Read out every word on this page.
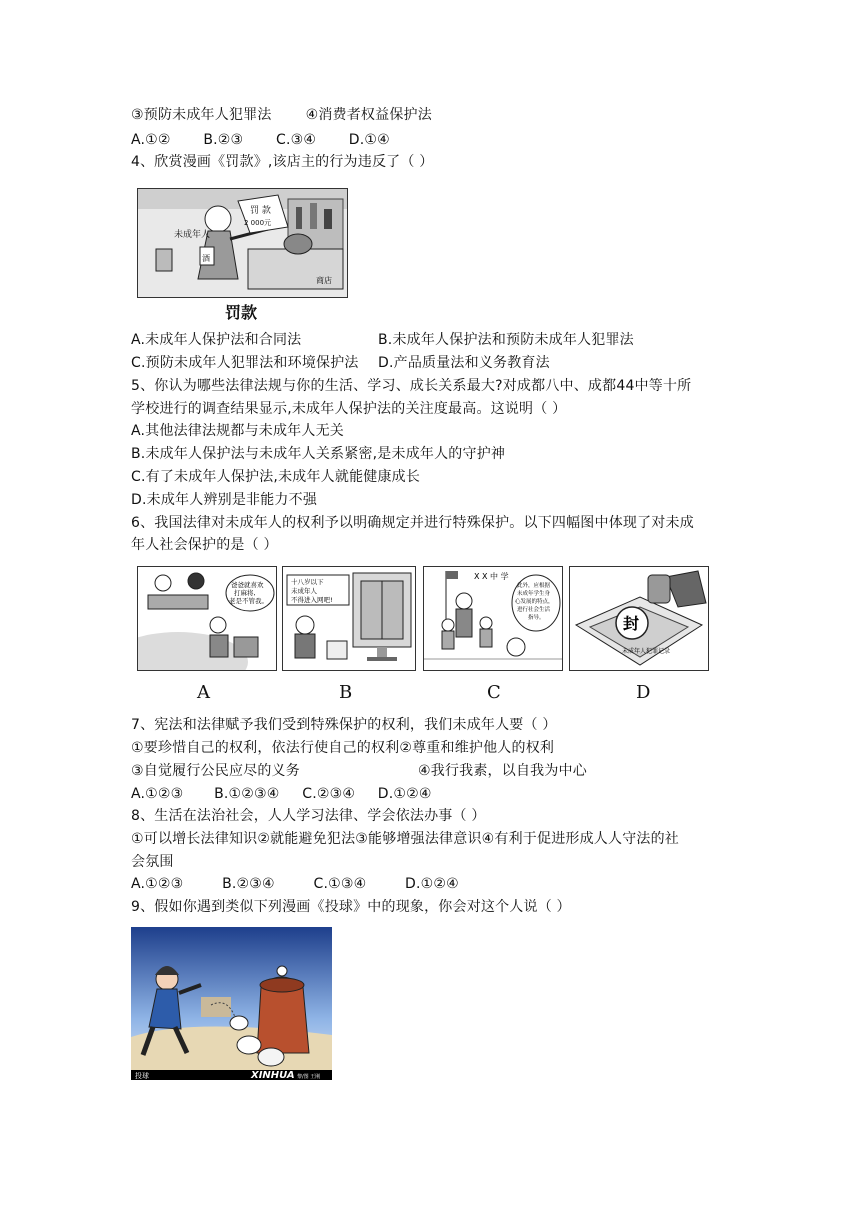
③预防未成年人犯罪法 ④消费者权益保护法
A.①② B.②③ C.③④ D.①④
4、欣赏漫画《罚款》,该店主的行为违反了（ ）
未成年人
罚 款
2 000元
酒
商店
罚款
A.未成年人保护法和合同法	B.未成年人保护法和预防未成年人犯罪法
C.预防未成年人犯罪法和环境保护法 D.产品质量法和义务教育法
5、你认为哪些法律法规与你的生活、学习、成长关系最大?对成都八中、成都44中等十所
学校进行的调查结果显示,未成年人保护法的关注度最高。这说明（ ）
A.其他法律法规都与未成年人无关
B.未成年人保护法与未成年人关系紧密,是未成年人的守护神
C.有了未成年人保护法,未成年人就能健康成长
D.未成年人辨别是非能力不强
6、我国法律对未成年人的权利予以明确规定并进行特殊保护。以下四幅图中体现了对未成
年人社会保护的是（ ）
爸爸就喜欢
打麻将,
老是不管我。
A
十八岁以下
未成年人
不得进入网吧!
B
X X 中 学
此外，应根据
未成年学生身
心发展的特点，
进行社会生活
指导。
C
封
未成年人犯罪记录
D
7、宪法和法律赋予我们受到特殊保护的权利，我们未成年人要（ ）
①要珍惜自己的权利，依法行使自己的权利②尊重和维护他人的权利
③自觉履行公民应尽的义务	④我行我素，以自我为中心
A.①②③ B.①②③④ C.②③④ D.①②④
8、生活在法治社会，人人学习法律、学会依法办事（ ）
①可以增长法律知识②就能避免犯法③能够增强法律意识④有利于促进形成人人守法的社
会氛围
A.①②③	B.②③④	C.①③④	D.①②④
9、假如你遇到类似下列漫画《投球》中的现象，你会对这个人说（ ）
投球	XINHUA 黎/图 王刚
